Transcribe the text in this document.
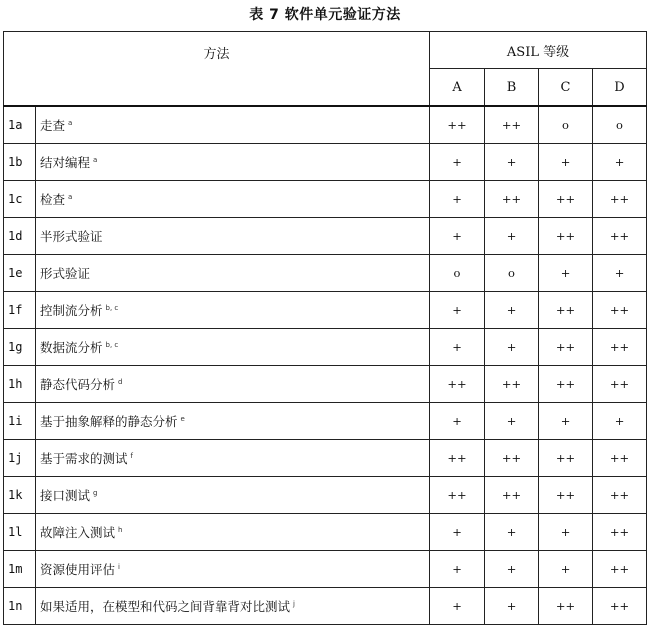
表 7 软件单元验证方法
方法		ASIL 等级			
		A	B	C	D
1a	走查 $^a$	++	++	o	o
1b	结对编程 $^a$	+	+	+	+
1c	检查 $^a$	+	++	++	++
1d	半形式验证	+	+	++	++
1e	形式验证	o	o	+	+
1f	控制流分析 $^{b, c}$	+	+	++	++
1g	数据流分析 $^{b, c}$	+	+	++	++
1h	静态代码分析 $^d$	++	++	++	++
1i	基于抽象解释的静态分析 $^e$	+	+	+	+
1j	基于需求的测试 $^f$	++	++	++	++
1k	接口测试 $^g$	++	++	++	++
1l	故障注入测试 $^h$	+	+	+	++
1m	资源使用评估 $^i$	+	+	+	++
1n	如果适用，在模型和代码之间背靠背对比测试 $^j$	+	+	++	++
